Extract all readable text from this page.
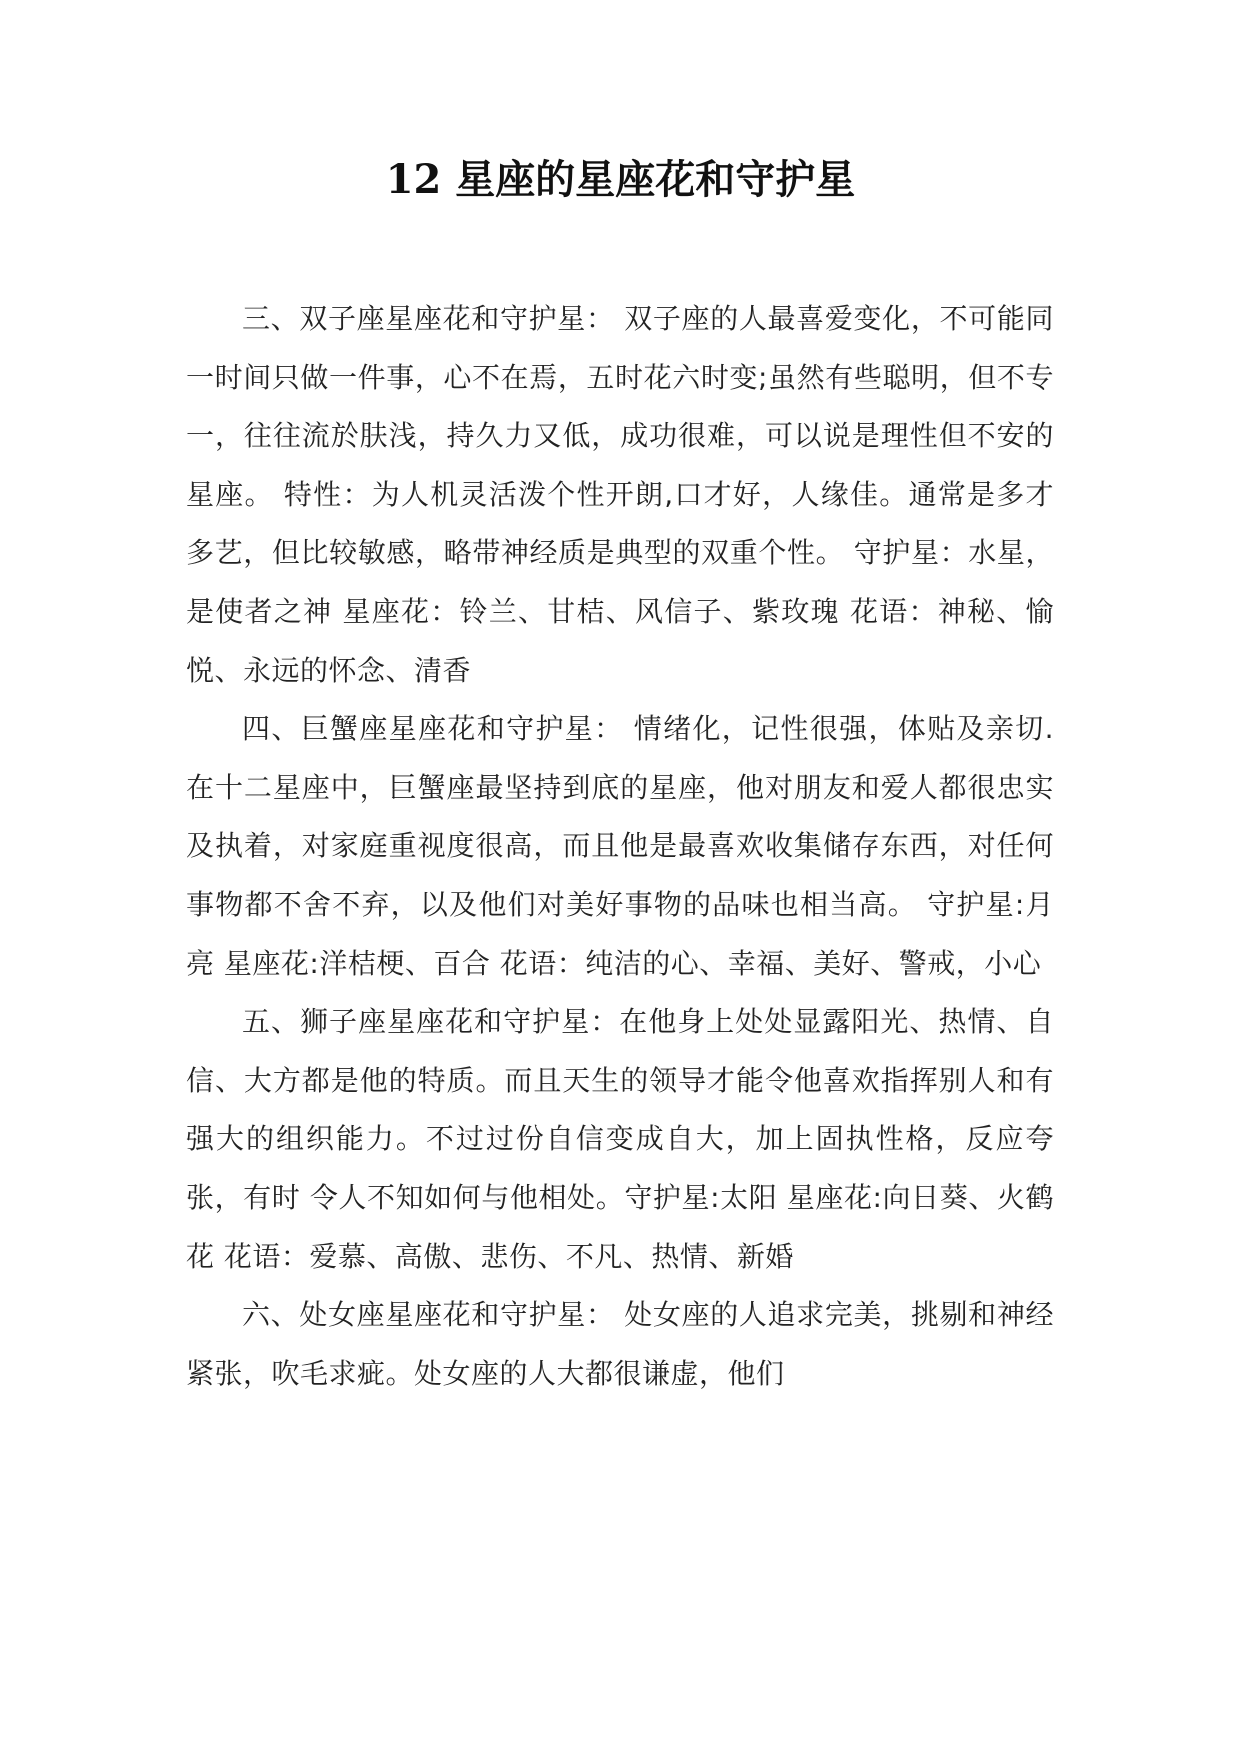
12 星座的星座花和守护星

三、双子座星座花和守护星： 双子座的人最喜爱变化，不可能同一时间只做一件事，心不在焉，五时花六时变;虽然有些聪明，但不专一，往往流於肤浅，持久力又低，成功很难，可以说是理性但不安的星座。 特性：为人机灵活泼个性开朗,口才好，人缘佳。通常是多才多艺，但比较敏感，略带神经质是典型的双重个性。 守护星：水星，是使者之神 星座花：铃兰、甘桔、风信子、紫玫瑰 花语：神秘、愉悦、永远的怀念、清香

四、巨蟹座星座花和守护星： 情绪化，记性很强，体贴及亲切.在十二星座中，巨蟹座最坚持到底的星座，他对朋友和爱人都很忠实及执着，对家庭重视度很高，而且他是最喜欢收集储存东西，对任何事物都不舍不弃，以及他们对美好事物的品味也相当高。 守护星:月亮 星座花:洋桔梗、百合 花语：纯洁的心、幸福、美好、警戒，小心

五、狮子座星座花和守护星：在他身上处处显露阳光、热情、自信、大方都是他的特质。而且天生的领导才能令他喜欢指挥别人和有强大的组织能力。不过过份自信变成自大，加上固执性格，反应夸张，有时 令人不知如何与他相处。守护星:太阳 星座花:向日葵、火鹤花 花语：爱慕、高傲、悲伤、不凡、热情、新婚

六、处女座星座花和守护星： 处女座的人追求完美，挑剔和神经紧张，吹毛求疵。处女座的人大都很谦虚，他们
